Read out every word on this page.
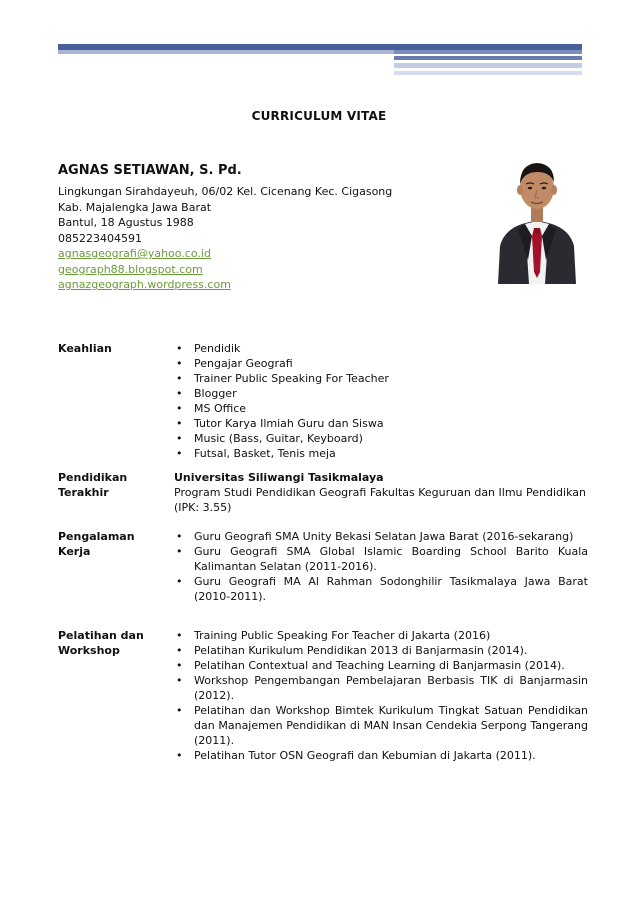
CURRICULUM VITAE
AGNAS SETIAWAN, S. Pd.
Lingkungan Sirahdayeuh, 06/02 Kel. Cicenang Kec. Cigasong
Kab. Majalengka Jawa Barat
Bantul, 18 Agustus 1988
085223404591
agnasgeografi@yahoo.co.id
geograph88.blogspot.com
agnazgeograph.wordpress.com
Keahlian
•	Pendidik
• Pengajar Geografi
• Trainer Public Speaking For Teacher
• Blogger
• MS Office
• Tutor Karya Ilmiah Guru dan Siswa
• Music (Bass, Guitar, Keyboard)
• Futsal, Basket, Tenis meja
Pendidikan
Terakhir
Universitas Siliwangi Tasikmalaya
Program Studi Pendidikan Geografi Fakultas Keguruan dan Ilmu Pendidikan
(IPK: 3.55)
Pengalaman
Kerja
• Guru Geografi SMA Unity Bekasi Selatan Jawa Barat (2016-sekarang)
• Guru Geografi SMA Global Islamic Boarding School Barito Kuala Kalimantan Selatan (2011-2016).
• Guru Geografi MA Al Rahman Sodonghilir Tasikmalaya Jawa Barat (2010-2011).
Pelatihan dan
Workshop
• Training Public Speaking For Teacher di Jakarta (2016)
• Pelatihan Kurikulum Pendidikan 2013 di Banjarmasin (2014).
• Pelatihan Contextual and Teaching Learning di Banjarmasin (2014).
• Workshop Pengembangan Pembelajaran Berbasis TIK di Banjarmasin (2012).
• Pelatihan dan Workshop Bimtek Kurikulum Tingkat Satuan Pendidikan dan Manajemen Pendidikan di MAN Insan Cendekia Serpong Tangerang (2011).
• Pelatihan Tutor OSN Geografi dan Kebumian di Jakarta (2011).
